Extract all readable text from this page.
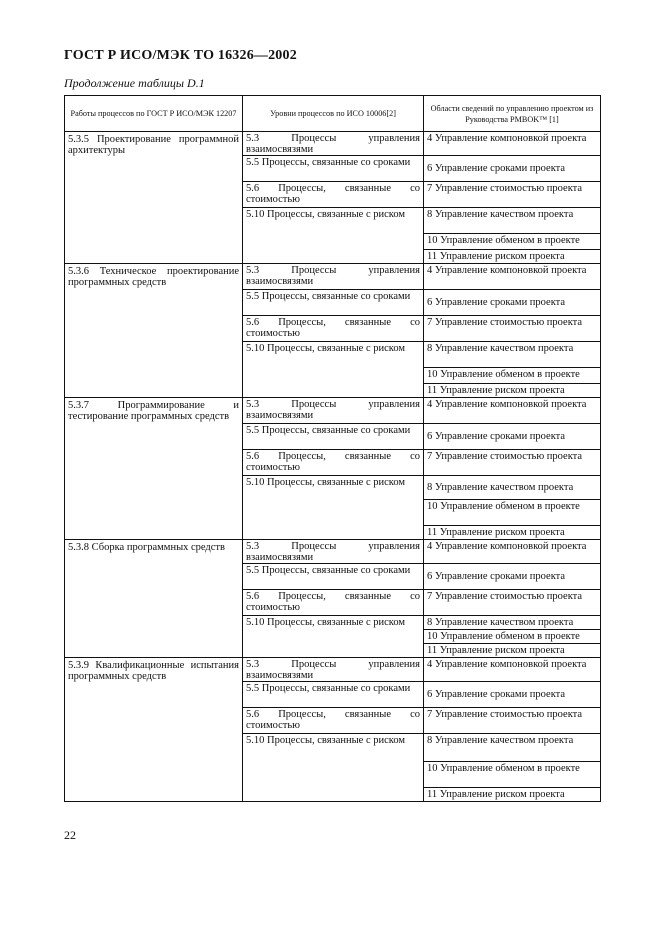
ГОСТ Р ИСО/МЭК ТО 16326—2002
Продолжение таблицы D.1
Работы процессов по ГОСТ Р ИСО/МЭК 12207	Уровни процессов по ИСО 10006[2]	Области сведений по управлению проектом из Руководства PMBOK™ [1]
5.3.5 Проектирование программной архитектуры	5.3 Процессы управления взаимосвязями	4 Управление компоновкой проекта
	5.5 Процессы, связанные со сроками	6 Управление сроками проекта
	5.6 Процессы, связанные со стоимостью	7 Управление стоимостью проекта
	5.10 Процессы, связанные с риском	8 Управление качеством проекта
		10 Управление обменом в проекте
		11 Управление риском проекта
5.3.6 Техническое проектирование программных средств	5.3 Процессы управления взаимосвязями	4 Управление компоновкой проекта
	5.5 Процессы, связанные со сроками	6 Управление сроками проекта
	5.6 Процессы, связанные со стоимостью	7 Управление стоимостью проекта
	5.10 Процессы, связанные с риском	8 Управление качеством проекта
		10 Управление обменом в проекте
		11 Управление риском проекта
5.3.7 Программирование и тестирование программных средств	5.3 Процессы управления взаимосвязями	4 Управление компоновкой проекта
	5.5 Процессы, связанные со сроками	6 Управление сроками проекта
	5.6 Процессы, связанные со стоимостью	7 Управление стоимостью проекта
	5.10 Процессы, связанные с риском	8 Управление качеством проекта
		10 Управление обменом в проекте
		11 Управление риском проекта
5.3.8 Сборка программных средств	5.3 Процессы управления взаимосвязями	4 Управление компоновкой проекта
	5.5 Процессы, связанные со сроками	6 Управление сроками проекта
	5.6 Процессы, связанные со стоимостью	7 Управление стоимостью проекта
	5.10 Процессы, связанные с риском	8 Управление качеством проекта
		10 Управление обменом в проекте
		11 Управление риском проекта
5.3.9 Квалификационные испытания программных средств	5.3 Процессы управления взаимосвязями	4 Управление компоновкой проекта
	5.5 Процессы, связанные со сроками	6 Управление сроками проекта
	5.6 Процессы, связанные со стоимостью	7 Управление стоимостью проекта
	5.10 Процессы, связанные с риском	8 Управление качеством проекта
		10 Управление обменом в проекте
		11 Управление риском проекта
22
